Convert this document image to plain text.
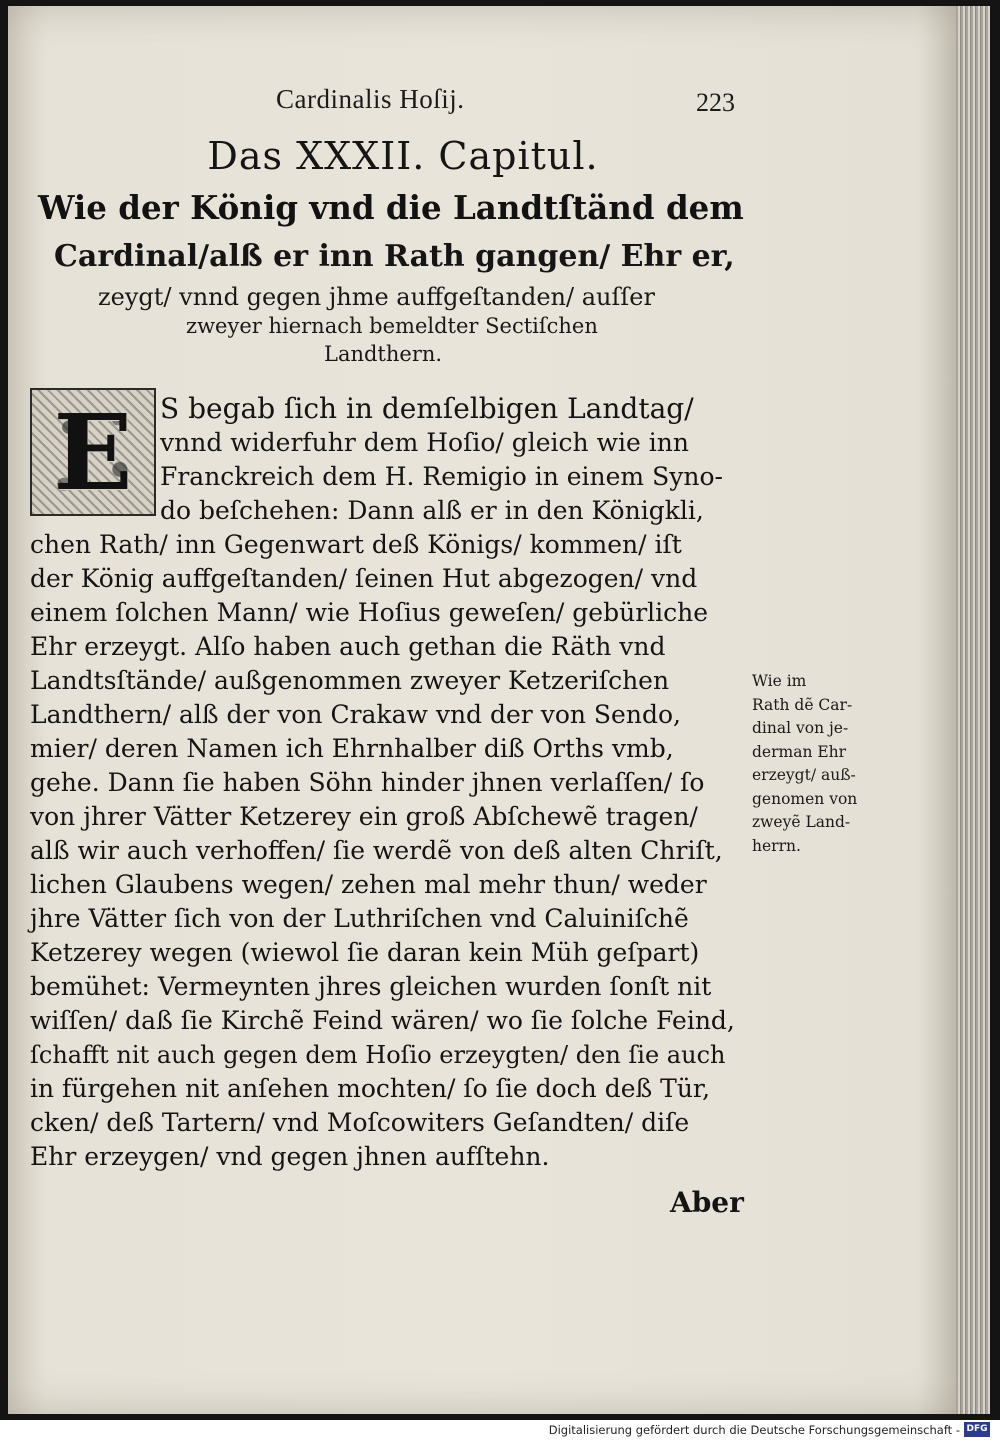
Cardinalis Hoſij.	223
Das XXXII. Capitul.
Wie der König vnd die Landtſtänd dem
Cardinal/alß er inn Rath gangen/ Ehr er,
zeygt/ vnnd gegen jhme auffgeſtanden/ auſſer
zweyer hiernach bemeldter Sectiſchen
Landthern.
E S begab ſich in demſelbigen Landtag/
vnnd widerfuhr dem Hoſio/ gleich wie inn
Franckreich dem H. Remigio in einem Syno-
do beſchehen: Dann alß er in den Königkli,
chen Rath/ inn Gegenwart deß Königs/ kommen/ iſt
der König auffgeſtanden/ ſeinen Hut abgezogen/ vnd
einem ſolchen Mann/ wie Hoſius geweſen/ gebürliche
Ehr erzeygt. Alſo haben auch gethan die Räth vnd
Landtsſtände/ außgenommen zweyer Ketzeriſchen
Landthern/ alß der von Crakaw vnd der von Sendo,
mier/ deren Namen ich Ehrnhalber diß Orths vmb,
gehe. Dann ſie haben Söhn hinder jhnen verlaſſen/ ſo
von jhrer Vätter Ketzerey ein groß Abſchewẽ tragen/
alß wir auch verhoffen/ ſie werdẽ von deß alten Chriſt,
lichen Glaubens wegen/ zehen mal mehr thun/ weder
jhre Vätter ſich von der Luthriſchen vnd Caluiniſchẽ
Ketzerey wegen (wiewol ſie daran kein Müh geſpart)
bemühet: Vermeynten jhres gleichen wurden ſonſt nit
wiſſen/ daß ſie Kirchẽ Feind wären/ wo ſie ſolche Feind,
ſchafft nit auch gegen dem Hoſio erzeygten/ den ſie auch
in fürgehen nit anſehen mochten/ ſo ſie doch deß Tür,
cken/ deß Tartern/ vnd Moſcowiters Geſandten/ diſe
Ehr erzeygen/ vnd gegen jhnen aufſtehn.
Wie im
Rath dẽ Car-
dinal von je-
derman Ehr
erzeygt/ auß-
genomen von
zweyẽ Land-
herrn.
Aber
Digitalisierung gefördert durch die Deutsche Forschungsgemeinschaft - DFG
